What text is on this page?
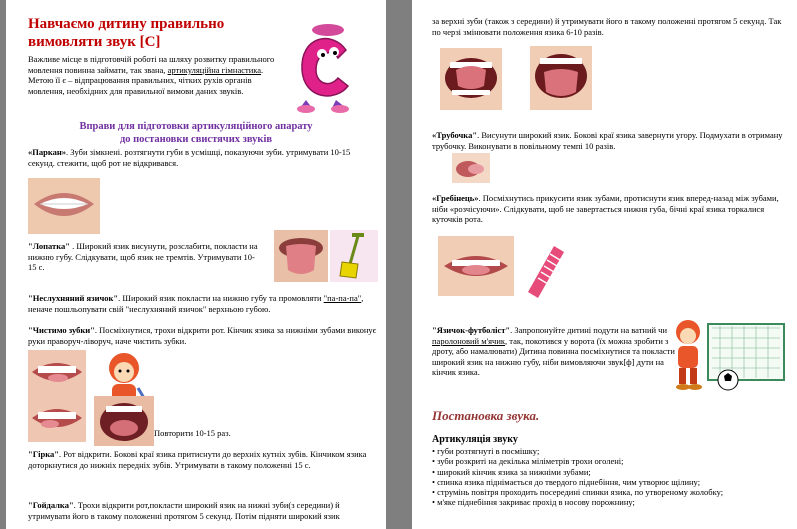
Навчаємо дитину правильно
вимовляти звук [С]
Важливе місце в підготовчій роботі на шляху розвитку правильного мовлення повинна займати, так звана, артикуляційна гімнастика. Метою її є – відпрацювання правильних, чітких рухів органів мовлення, необхідних для правильної вимови даних звуків.
Вправи для підготовки артикуляційного апарату
до постановки свистячих звуків
«Паркан». Зуби зімкнені. розтягнути губи в усмішці, показуючи зуби. утримувати 10-15 секунд. стежити, щоб рот не відкривався.
"Лопатка" . Широкий язик висунути, розслабити, покласти на нижню губу. Слідкувати, щоб язик не тремтів. Утримувати 10-15 с.
"Неслухняний язичок". Широкий язик покласти на нижню губу та промовляти "па-па-па", неначе пошльопувати свій "неслухняний язичок" верхньою губою.
"Чистимо зубки". Посміхнутися, трохи відкрити рот. Кінчик язика за нижніми зубами виконує руки праворуч-ліворуч, наче чистить зубки.
Повторити 10-15 раз.
"Гірка". Рот відкрити. Бокові краї язика притиснути до верхніх кутніх зубів. Кінчиком язика доторкнутися до нижніх передніх зубів. Утримувати в такому положенні 15 с.
"Гойдалка". Трохи відкрити рот,покласти широкий язик на нижні зуби(з середини) й утримувати його в такому положенні протягом 5 секунд. Потім підняти широкий язик
за верхні зуби (також з середини) й утримувати його в такому положенні протягом 5 секунд. Так по черзі змінювати положення язика 6-10 разів.
«Трубочка". Висунути широкий язик. Бокові краї язика завернути угору. Подмухати в отриману трубочку. Виконувати в повільному темпі 10 разів.
«Гребінець». Посміхнутись прикусити язик зубами, протиснути язик вперед-назад між зубами, ніби «розчісуючи». Слідкувати, щоб не завертається нижня губа, бічні краї язика торкалися куточків рота.
"Язичок-футболіст". Запропонуйте дитині подути на ватний чи паролоновий м'ячик, так, покотився у ворота (їх можна зробити з дроту, або намалювати) Дитина повинна посміхнутися та покласти широкий язик на нижню губу, ніби вимовляючи звук[ф] дути на кінчик язика.
Постановка звука.
Артикуляція звуку
• губи розтягнуті в посмішку;
• зуби розкриті на декілька міліметрів трохи оголені;
• широкий кінчик язика за нижніми зубами;
• спинка язика піднімається до твердого піднебіння, чим утворює щілину;
• струмінь повітря проходить посередині спинки язика, по утвореному жолобку;
• м'яке піднебіння закриває прохід в носову порожнину;
